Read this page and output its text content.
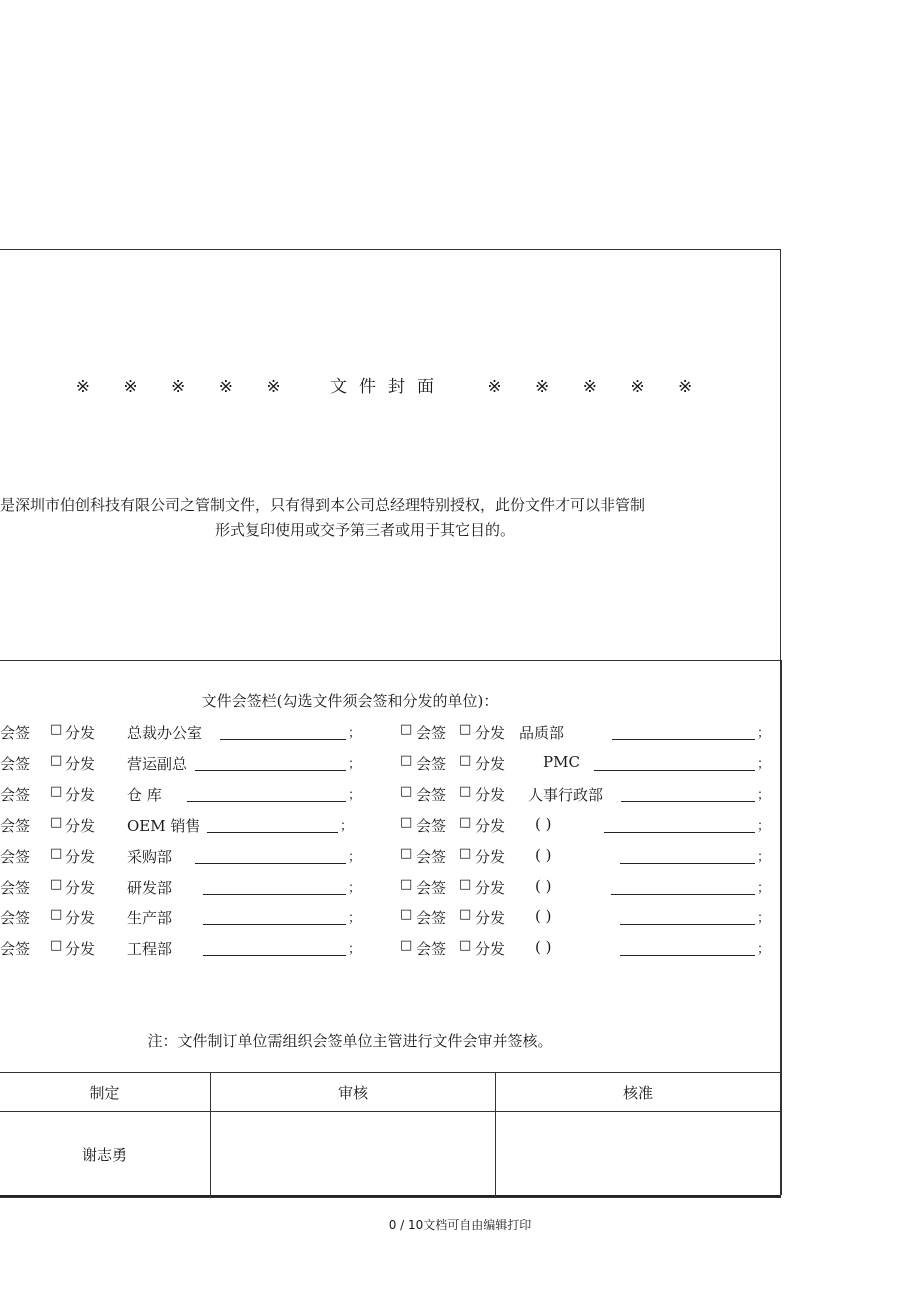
※ ※ ※ ※ ※ 文件封面 ※ ※ ※ ※ ※
是深圳市伯创科技有限公司之管制文件，只有得到本公司总经理特别授权，此份文件才可以非管制
形式复印使用或交予第三者或用于其它目的。
文件会签栏(勾选文件须会签和分发的单位)：
会签 □ 分发 总裁办公室	；	□ 会签 □ 分发 品质部	；
会签 □ 分发 营运副总	；	□ 会签 □ 分发	PMC	；
会签 □ 分发 仓 库	；	□ 会签 □ 分发 人事行政部	；
会签 □ 分发 OEM 销售	；	□ 会签 □ 分发 ( )	；
会签 □ 分发 采购部	；	□ 会签 □ 分发 ( )	；
会签 □ 分发 研发部	；	□ 会签 □ 分发 ( )	；
会签 □ 分发 生产部	；	□ 会签 □ 分发 ( )	；
会签 □ 分发 工程部	；	□ 会签 □ 分发 ( )	；
注：文件制订单位需组织会签单位主管进行文件会审并签核。
制定	审核	核准
谢志勇		
0 / 10文档可自由编辑打印
